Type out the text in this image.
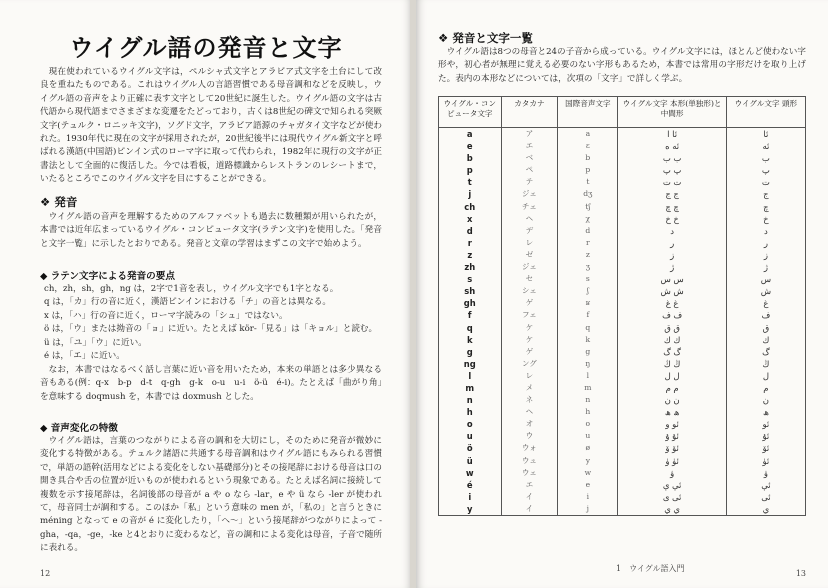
ウイグル語の発音と文字

現在使われているウイグル文字は，ペルシャ式文字とアラビア式文字を土台にして改良を重ねたものである。これはウイグル人の言語習慣である母音調和などを反映し，ウイグル語の音声をより正確に表す文字として20世紀に誕生した。ウイグル語の文字は古代語から現代語までさまざまな変遷をたどっており，古くは8世紀の碑文で知られる突厥文字(テュルク・ロニッキ文字)，ソグド文字，アラビア語源のチャガタイ文字などが使われた。1930年代に現在の文字が採用されたが，20世紀後半には現代ウイグル新文字と呼ばれる漢語(中国語)ピンイン式のローマ字に取って代わられ，1982年に現行の文字が正書法として全面的に復活した。今では看板，道路標識からレストランのレシートまで，いたるところでこのウイグル文字を目にすることができる。

❖ 発音

ウイグル語の音声を理解するためのアルファベットも過去に数種類が用いられたが，本書では近年広まっているウイグル・コンピュータ文字(ラテン文字)を使用した。「発音と文字一覧」に示したとおりである。発音と文章の学習はまずこの文字で始めよう。

◆ ラテン文字による発音の要点
ch，zh，sh，gh，ng は，2字で1音を表し，ウイグル文字でも1字となる。
q は，「カ」行の音に近く，漢語ピンインにおける「チ」の音とは異なる。
x は，「ハ」行の音に近く，ローマ字読みの「シュ」ではない。
ö は，「ウ」または拗音の「ョ」に近い。たとえば kör-「見る」は「キョル」と読む。
ü は，「ユ」「ウ」に近い。
é は，「エ」に近い。

なお，本書ではなるべく話し言葉に近い音を用いたため，本来の単語とは多少異なる音もある(例：q-x　b-p　d-t　q-gh　g-k　o-u　u-i　ö-ü　é-i)。たとえば「曲がり角」を意味する doqmush を，本書では doxmush とした。

◆ 音声変化の特徴

ウイグル語は，言葉のつながりによる音の調和を大切にし，そのために発音が微妙に変化する特徴がある。テュルク諸語に共通する母音調和はウイグル語にもみられる習慣で，単語の語幹(活用などによる変化をしない基礎部分)とその接尾辞における母音は口の開き具合や舌の位置が近いものが使われるという現象である。たとえば名詞に接続して複数を示す接尾辞は，名詞後部の母音が a や o なら -lar，e や ü なら -ler が使われて，母音同士が調和する。このほか「私」という意味の men が，「私の」と言うときに méning となって e の音が é に変化したり，「へ～」という接尾辞がつながりによって -gha，-qa，-ge，-ke と4とおりに変わるなど，音の調和による変化は母音，子音で随所に表れる。

12
❖ 発音と文字一覧

ウイグル語は8つの母音と24の子音から成っている。ウイグル文字には，ほとんど使わない字形や，初心者が無理に覚える必要のない字形もあるため，本書では常用の字形だけを取り上げた。表内の本形などについては，次項の「文字」で詳しく学ぶ。

ウイグル・コンピュータ文字	カタカナ	国際音声文字	ウイグル文字 本形(単独形)と中間形	ウイグル文字 頭形
a	ア	a	ئا ا	ئا
e	エ	ɛ	ئە ە	ئە
b	ベ	b	ب ب	ب
p	ペ	p	پ پ	پ
t	テ	t	ت ت	ت
j	ジェ	dʒ	ج ج	ج
ch	チェ	tʃ	چ چ	چ
x	ヘ	χ	خ خ	خ
d	デ	d	د	د
r	レ	r	ر	ر
z	ゼ	z	ز	ز
zh	ジェ	ʒ	ژ	ژ
s	セ	s	س س	س
sh	シェ	ʃ	ش ش	ش
gh	ゲ	ʁ	غ غ	غ
f	フェ	f	ف ف	ف
q	ケ	q	ق ق	ق
k	ケ	k	ك ك	ك
g	ゲ	g	گ گ	گ
ng	ング	ŋ	ڭ ڭ	ڭ
l	レ	l	ل ل	ل
m	メ	m	م م	م
n	ネ	n	ن ن	ن
h	ヘ	h	ھ ھ	ھ
o	オ	o	ئو و	ئو
u	ウ	u	ئۇ ۇ	ئۇ
ö	ウォ	ø	ئۆ ۆ	ئۆ
ü	ウュ	y	ئۈ ۈ	ئۈ
w	ウェ	w	ۋ	ۋ
é	エ	e	ئې ې	ئې
i	イ	i	ئى ى	ئى
y	イ	j	ي ي	ي
1　ウイグル語入門
13
